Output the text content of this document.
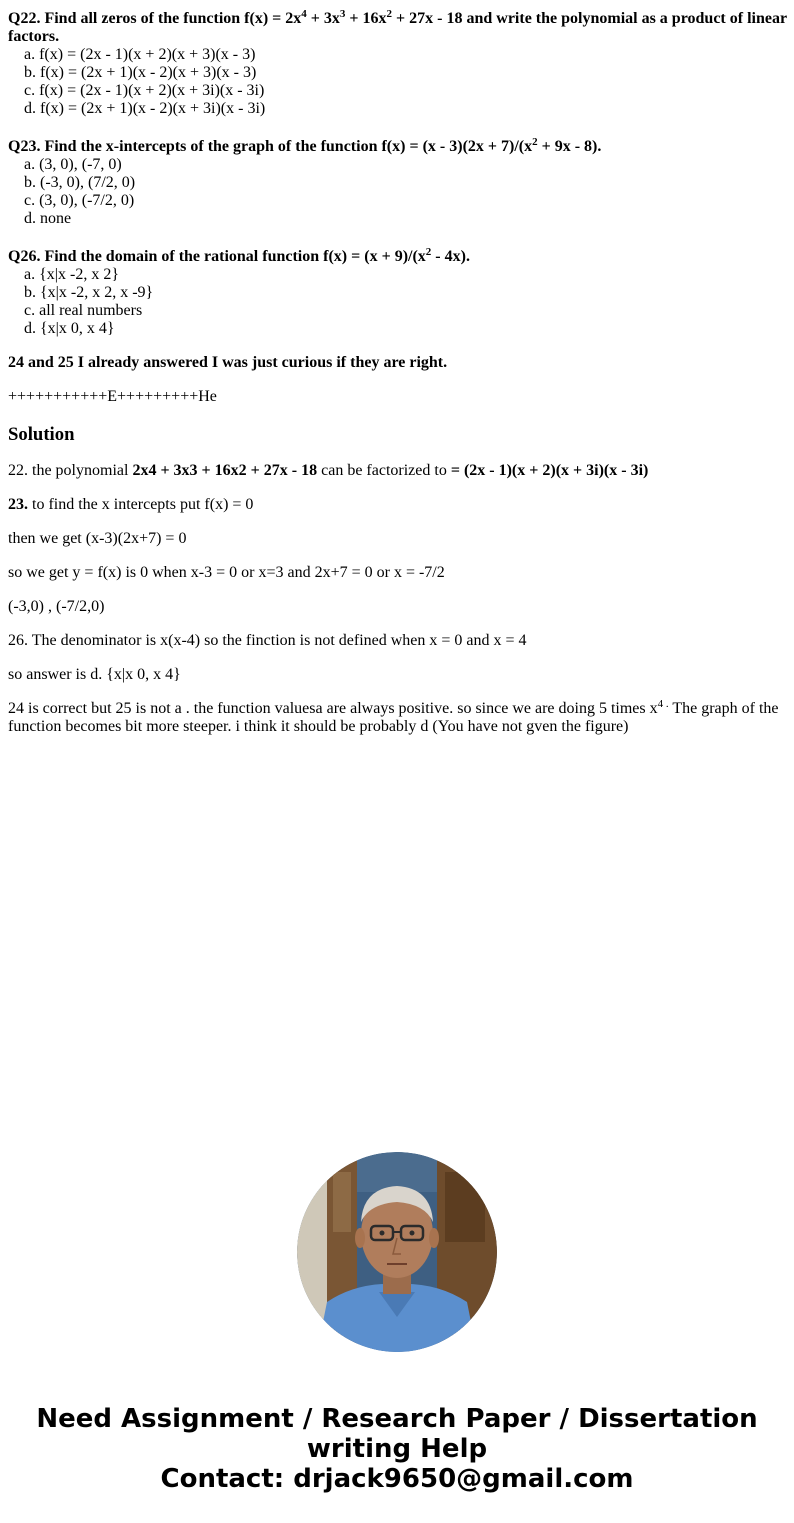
Q22. Find all zeros of the function $f(x) = 2x^4 + 3x^3 + 16x^2 + 27x - 18$ and write the polynomial as a product of linear factors.

a. f(x) = (2x - 1)(x + 2)(x + 3)(x - 3)
b. f(x) = (2x + 1)(x - 2)(x + 3)(x - 3)
c. f(x) = (2x - 1)(x + 2)(x + 3i)(x - 3i)
d. f(x) = (2x + 1)(x - 2)(x + 3i)(x - 3i)

Q23. Find the x-intercepts of the graph of the function $f(x) = (x - 3)(2x + 7)/(x^2 + 9x - 8)$.

a. (3, 0), (-7, 0)
b. (-3, 0), (7/2, 0)
c. (3, 0), (-7/2, 0)
d. none

Q26. Find the domain of the rational function $f(x) = (x + 9)/(x^2 - 4x)$.

a. {x|x -2, x 2}
b. {x|x -2, x 2, x -9}
c. all real numbers
d. {x|x 0, x 4}

24 and 25 I already answered I was just curious if they are right.

+++++++++++E+++++++++He

Solution

22. the polynomial 2x4 + 3x3 + 16x2 + 27x - 18 can be factorized to = (2x - 1)(x + 2)(x + 3i)(x - 3i)

23. to find the x intercepts put f(x) = 0

then we get (x-3)(2x+7) = 0

so we get y = f(x) is 0 when x-3 = 0 or x=3 and 2x+7 = 0 or x = -7/2

(-3,0) , (-7/2,0)

26. The denominator is x(x-4) so the finction is not defined when x = 0 and x = 4

so answer is d. {x|x 0, x 4}

24 is correct but 25 is not a . the function valuesa are always positive. so since we are doing 5 times $x^{4 .}$ The graph of the function becomes bit more steeper. i think it should be probably d (You have not gven the figure)

Need Assignment / Research Paper / Dissertation
writing Help
Contact: drjack9650@gmail.com
